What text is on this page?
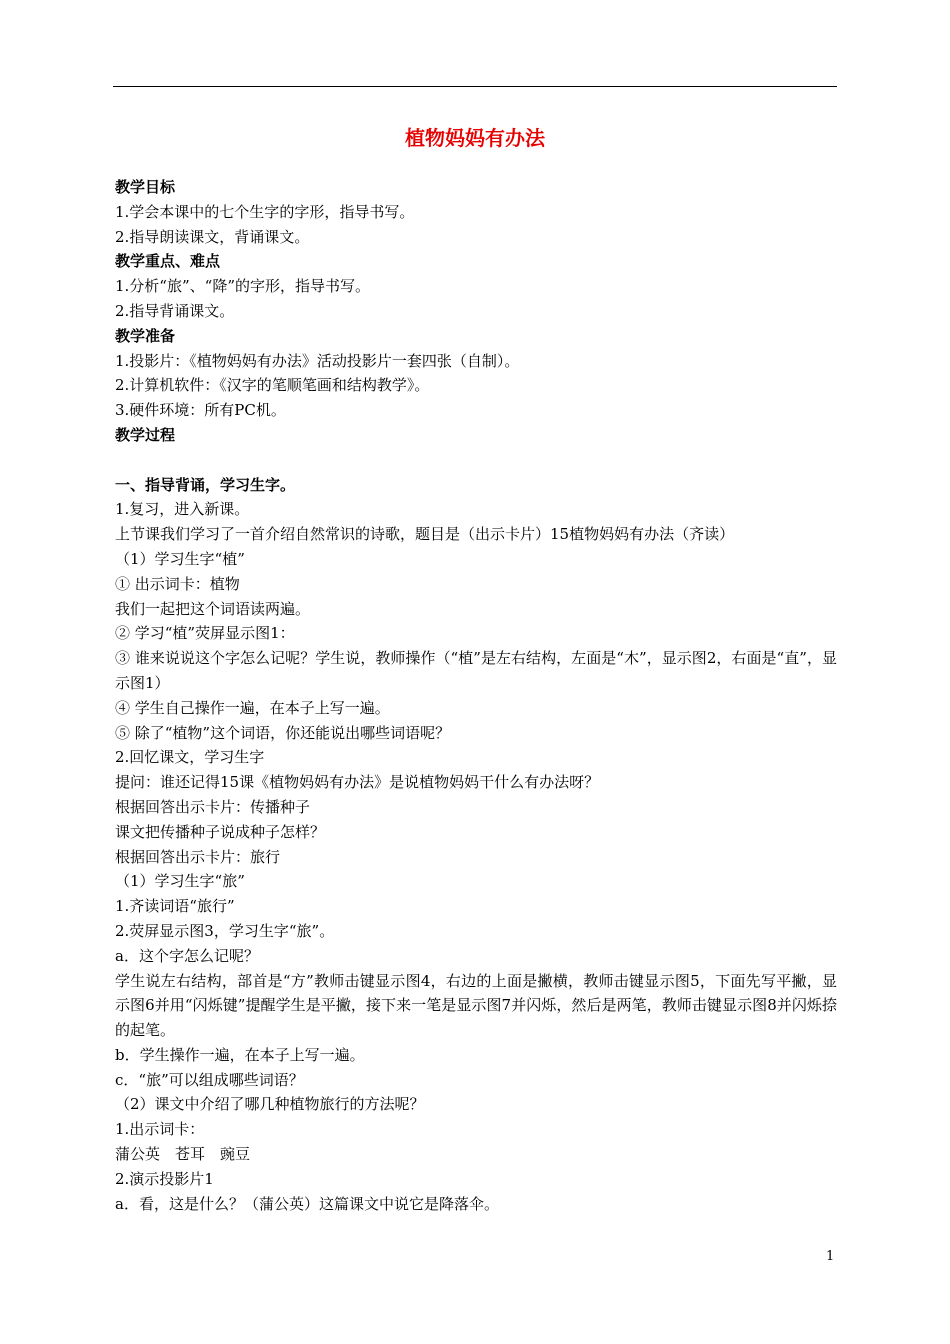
植物妈妈有办法

教学目标

1.学会本课中的七个生字的字形，指导书写。

2.指导朗读课文，背诵课文。

教学重点、难点

1.分析“旅”、“降”的字形，指导书写。

2.指导背诵课文。

教学准备

1.投影片：《植物妈妈有办法》活动投影片一套四张（自制）。

2.计算机软件：《汉字的笔顺笔画和结构教学》。

3.硬件环境：所有PC机。

教学过程

一、指导背诵，学习生字。

1.复习，进入新课。

上节课我们学习了一首介绍自然常识的诗歌，题目是（出示卡片）15植物妈妈有办法（齐读）

（1）学习生字“植”

① 出示词卡：植物

我们一起把这个词语读两遍。

② 学习“植”荧屏显示图1：

③ 谁来说说这个字怎么记呢？学生说，教师操作（“植”是左右结构，左面是“木”，显示图2，右面是“直”，显示图1）

④ 学生自己操作一遍，在本子上写一遍。

⑤ 除了“植物”这个词语，你还能说出哪些词语呢？

2.回忆课文，学习生字

提问：谁还记得15课《植物妈妈有办法》是说植物妈妈干什么有办法呀？

根据回答出示卡片：传播种子

课文把传播种子说成种子怎样？

根据回答出示卡片：旅行

（1）学习生字“旅”

1.齐读词语“旅行”

2.荧屏显示图3，学习生字“旅”。

a．这个字怎么记呢？

学生说左右结构，部首是“方”教师击键显示图4，右边的上面是撇横，教师击键显示图5，下面先写平撇，显示图6并用“闪烁键”提醒学生是平撇，接下来一笔是显示图7并闪烁，然后是两笔，教师击键显示图8并闪烁捺的起笔。

b．学生操作一遍，在本子上写一遍。

c．“旅”可以组成哪些词语？

（2）课文中介绍了哪几种植物旅行的方法呢？

1.出示词卡：

蒲公英　苍耳　豌豆

2.演示投影片1

a．看，这是什么？（蒲公英）这篇课文中说它是降落伞。

1
